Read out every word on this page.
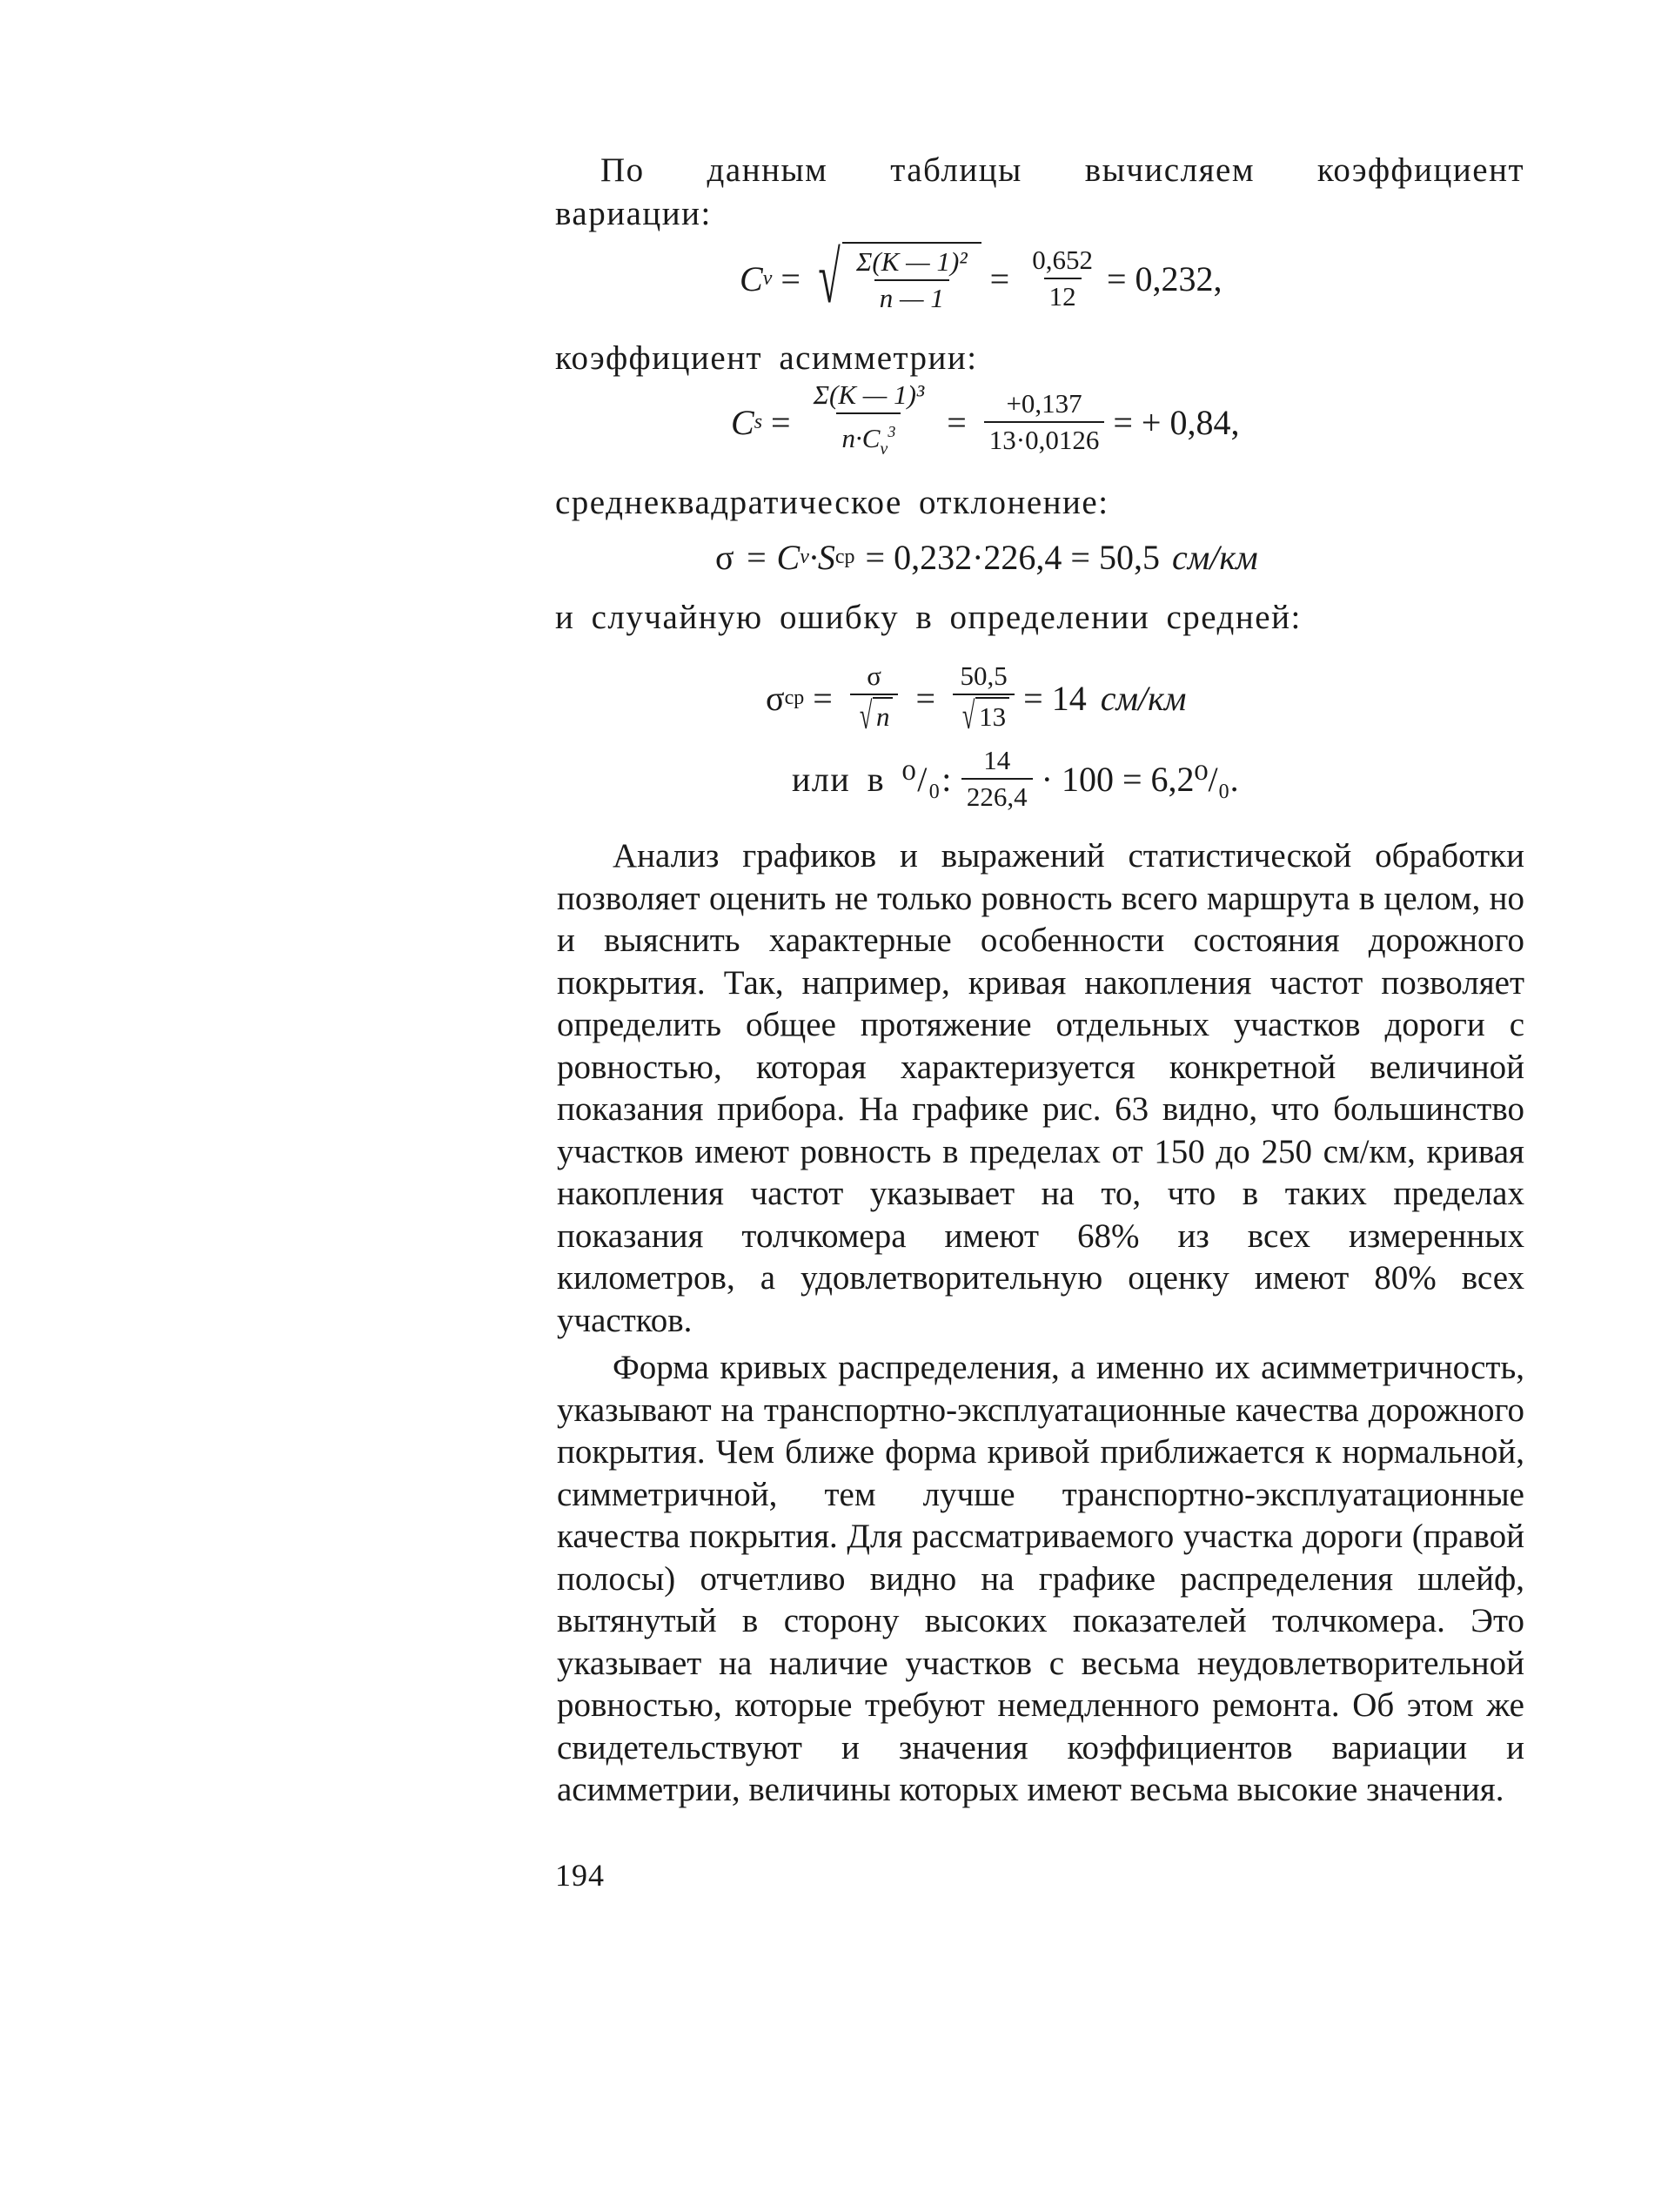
По данным таблицы вычисляем коэффициент
вариации:
C v = √ $\frac{\text{Σ(K — 1)²}}{n — 1} = \frac{0,652}{12} = 0,232$,
коэффициент асимметрии:
C $s = \frac{\text{Σ(K — 1)³}}{n\cdot C_v^3} = \frac{+0,137}{13\cdot 0,0126}$ = + 0,84,
среднеквадратическое отклонение:
σ = C v ·S ср = 0,232·226,4 = 50,5 см/км
и случайную ошибку в определении средней:
σ ср = $\frac{\sigma}{√ n} = \frac{50,5}{√ 13} = 14$ см/км
или в ⁰/₀: $\frac{14}{226,4} \cdot 100 = 6,2^0/_0$.

Анализ графиков и выражений статистической обработки позволяет оценить не только ровность всего маршрута в целом, но и выяснить характерные особенности состояния дорожного покрытия. Так, например, кривая накопления частот позволяет определить общее протяжение отдельных участков дороги с ровностью, которая характеризуется конкретной величиной показания прибора. На графике рис. 63 видно, что большинство участков имеют ровность в пределах от 150 до 250 см/км, кривая накопления частот указывает на то, что в таких пределах показания толчкомера имеют 68% из всех измеренных километров, а удовлетворительную оценку имеют 80% всех участков.

Форма кривых распределения, а именно их асимметричность, указывают на транспортно-эксплуатационные качества дорожного покрытия. Чем ближе форма кривой приближается к нормальной, симметричной, тем лучше транспортно-эксплуатационные качества покрытия. Для рассматриваемого участка дороги (правой полосы) отчетливо видно на графике распределения шлейф, вытянутый в сторону высоких показателей толчкомера. Это указывает на наличие участков с весьма неудовлетворительной ровностью, которые требуют немедленного ремонта. Об этом же свидетельствуют и значения коэффициентов вариации и асимметрии, величины которых имеют весьма высокие значения.

194
